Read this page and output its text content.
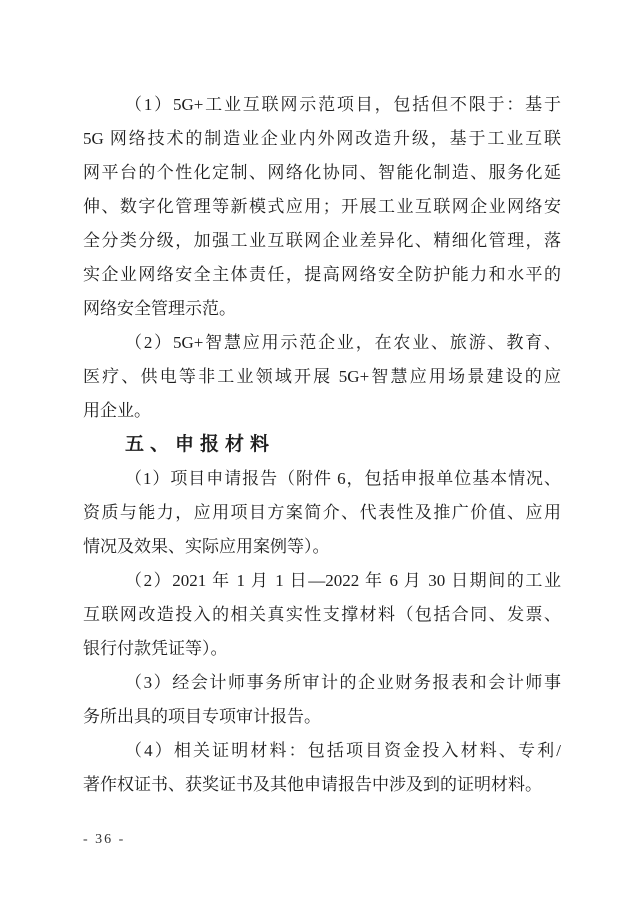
（1）5G+工业互联网示范项目，包括但不限于：基于
5G 网络技术的制造业企业内外网改造升级，基于工业互联
网平台的个性化定制、网络化协同、智能化制造、服务化延
伸、数字化管理等新模式应用；开展工业互联网企业网络安
全分类分级，加强工业互联网企业差异化、精细化管理，落
实企业网络安全主体责任，提高网络安全防护能力和水平的
网络安全管理示范。
（2）5G+智慧应用示范企业，在农业、旅游、教育、
医疗、供电等非工业领域开展 5G+智慧应用场景建设的应
用企业。
五、申报材料
（1）项目申请报告（附件 6，包括申报单位基本情况、
资质与能力，应用项目方案简介、代表性及推广价值、应用
情况及效果、实际应用案例等）。
（2）2021 年 1 月 1 日—2022 年 6 月 30 日期间的工业
互联网改造投入的相关真实性支撑材料（包括合同、发票、
银行付款凭证等）。
（3）经会计师事务所审计的企业财务报表和会计师事
务所出具的项目专项审计报告。
（4）相关证明材料：包括项目资金投入材料、专利/
著作权证书、获奖证书及其他申请报告中涉及到的证明材料。
- 36 -
